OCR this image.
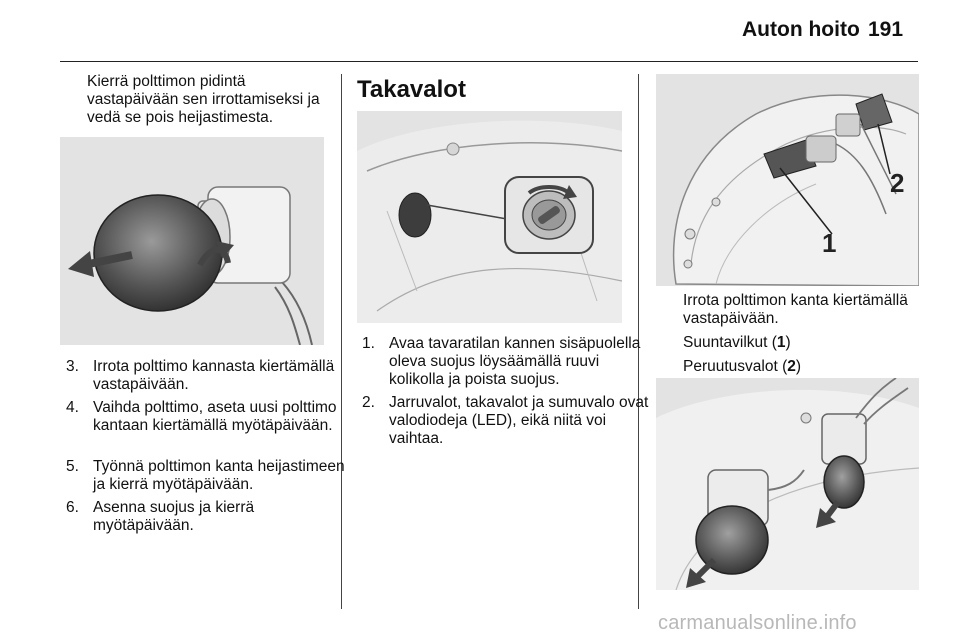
Auton hoito 191

Kierrä polttimon pidintä vastapäivään sen irrottamiseksi ja vedä se pois heijastimesta.

3. Irrota polttimo kannasta kiertämällä vastapäivään.

4. Vaihda polttimo, aseta uusi polttimo kantaan kiertämällä myötäpäivään.

5. Työnnä polttimon kanta heijastimeen ja kierrä myötäpäivään.

6. Asenna suojus ja kierrä myötäpäivään.

Takavalot

1. Avaa tavaratilan kannen sisäpuolella oleva suojus löysäämällä ruuvi kolikolla ja poista suojus.

2. Jarruvalot, takavalot ja sumuvalo ovat valodiodeja (LED), eikä niitä voi vaihtaa.

1
2

Irrota polttimon kanta kiertämällä vastapäivään.

Suuntavilkut (1)

Peruutusvalot (2)

carmanualsonline.info
